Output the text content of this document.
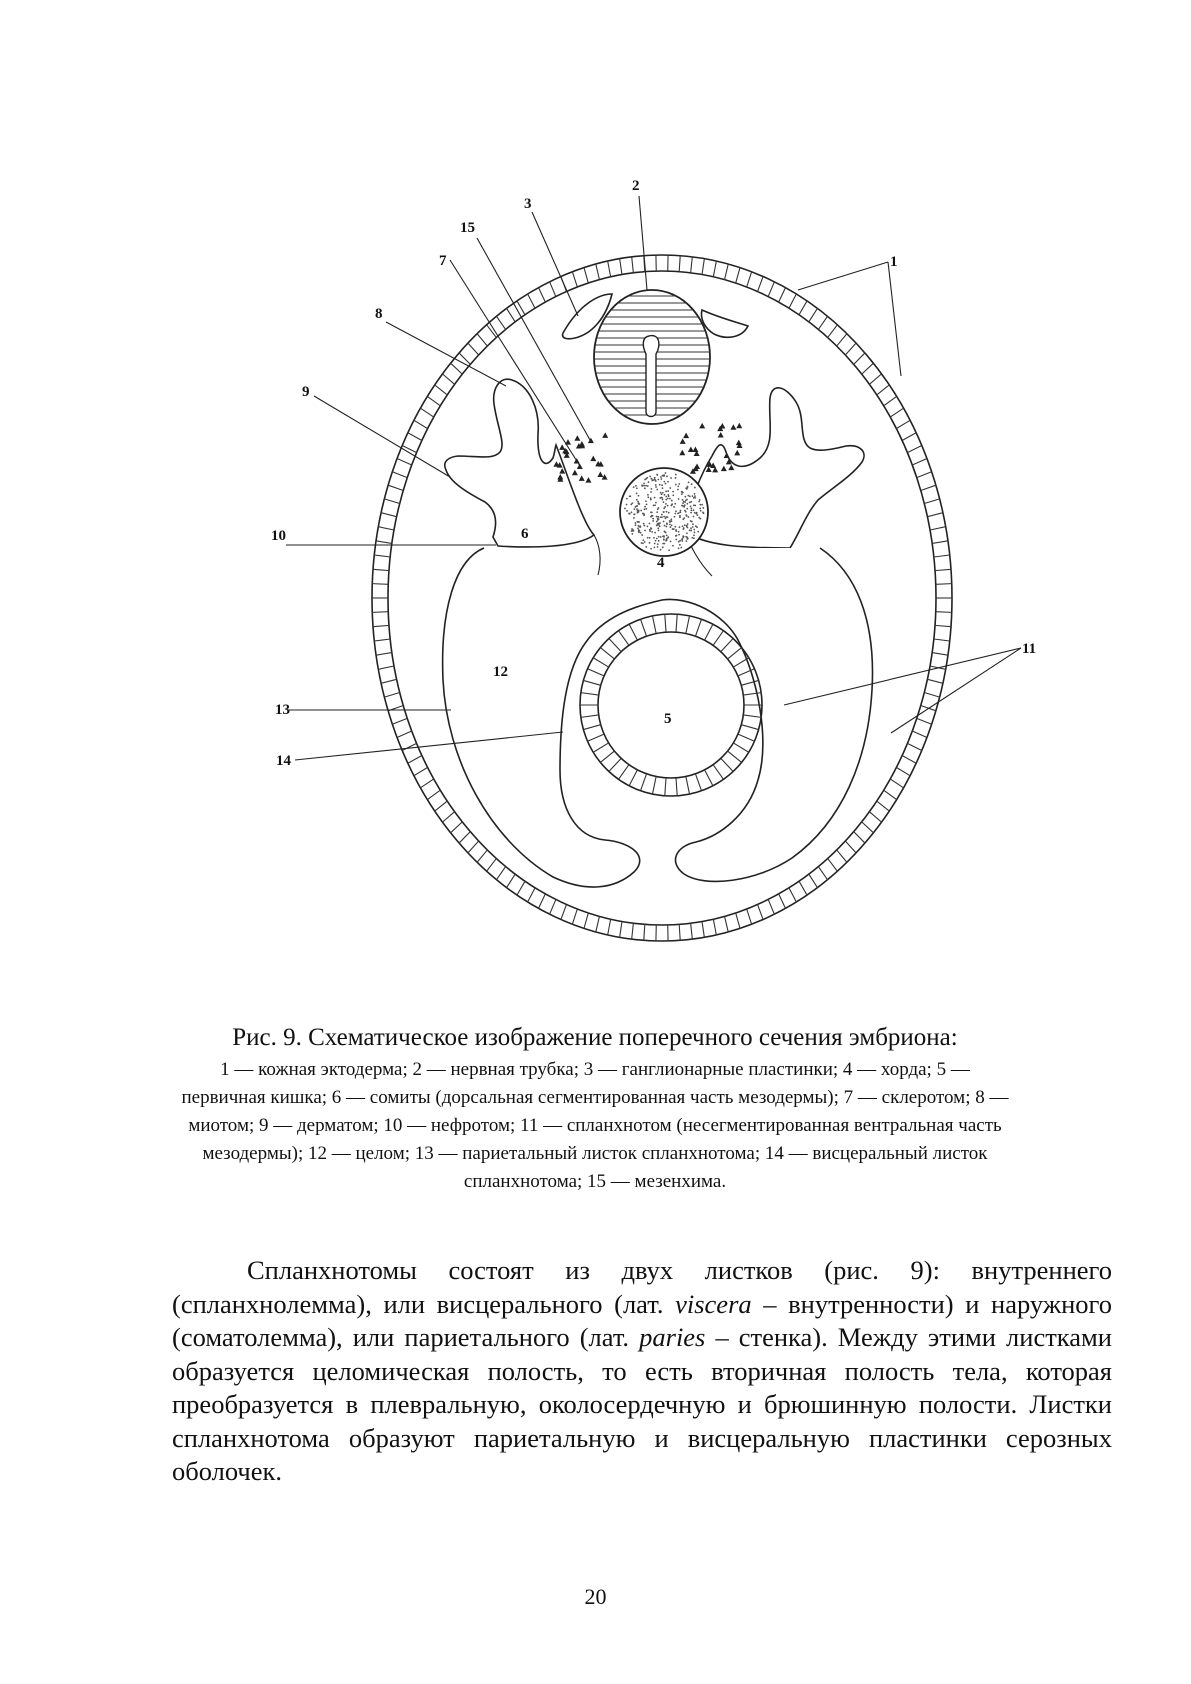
2
3
15
7
8
9
10
13
14
1
11
6
4
12
5

Рис. 9. Схематическое изображение поперечного сечения эмбриона:

1 — кожная эктодерма; 2 — нервная трубка; 3 — ганглионарные пластинки; 4 — хорда; 5 — первичная кишка; 6 — сомиты (дорсальная сегментированная часть мезодермы); 7 — склеротом; 8 — миотом; 9 — дерматом; 10 — нефротом; 11 — спланхнотом (несегментированная вентральная часть мезодермы); 12 — целом; 13 — париетальный листок спланхнотома; 14 — висцеральный листок спланхнотома; 15 — мезенхима.

Спланхнотомы состоят из двух листков (рис. 9): внутреннего (спланхнолемма), или висцерального (лат. viscera – внутренности) и наружного (соматолемма), или париетального (лат. paries – стенка). Между этими листками образуется целомическая полость, то есть вторичная полость тела, которая преобразуется в плевральную, околосердечную и брюшинную полости. Листки спланхнотома образуют париетальную и висцеральную пластинки серозных оболочек.

20
